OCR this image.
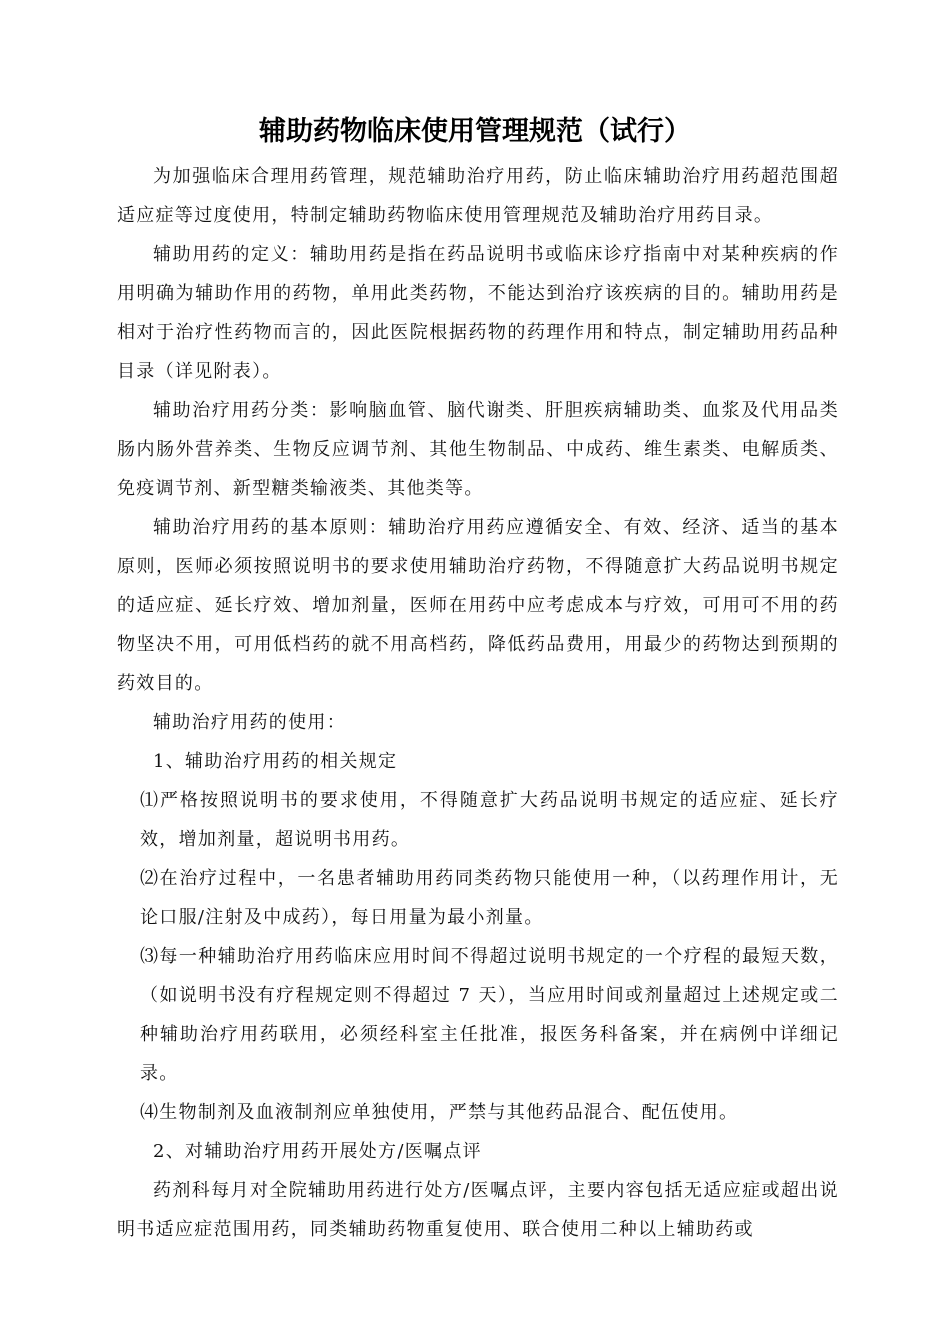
辅助药物临床使用管理规范（试行）

为加强临床合理用药管理，规范辅助治疗用药，防止临床辅助治疗用药超范围超适应症等过度使用，特制定辅助药物临床使用管理规范及辅助治疗用药目录。

辅助用药的定义：辅助用药是指在药品说明书或临床诊疗指南中对某种疾病的作用明确为辅助作用的药物，单用此类药物，不能达到治疗该疾病的目的。辅助用药是相对于治疗性药物而言的，因此医院根据药物的药理作用和特点，制定辅助用药品种目录（详见附表）。

辅助治疗用药分类：影响脑血管、脑代谢类、肝胆疾病辅助类、血浆及代用品类肠内肠外营养类、生物反应调节剂、其他生物制品、中成药、维生素类、电解质类、免疫调节剂、新型糖类输液类、其他类等。

辅助治疗用药的基本原则：辅助治疗用药应遵循安全、有效、经济、适当的基本原则，医师必须按照说明书的要求使用辅助治疗药物，不得随意扩大药品说明书规定的适应症、延长疗效、增加剂量，医师在用药中应考虑成本与疗效，可用可不用的药物坚决不用，可用低档药的就不用高档药，降低药品费用，用最少的药物达到预期的药效目的。

辅助治疗用药的使用：

1、辅助治疗用药的相关规定

⑴严格按照说明书的要求使用，不得随意扩大药品说明书规定的适应症、延长疗效，增加剂量，超说明书用药。

⑵在治疗过程中，一名患者辅助用药同类药物只能使用一种，（以药理作用计，无论口服/注射及中成药），每日用量为最小剂量。

⑶每一种辅助治疗用药临床应用时间不得超过说明书规定的一个疗程的最短天数，（如说明书没有疗程规定则不得超过 7 天），当应用时间或剂量超过上述规定或二种辅助治疗用药联用，必须经科室主任批准，报医务科备案，并在病例中详细记录。

⑷生物制剂及血液制剂应单独使用，严禁与其他药品混合、配伍使用。

2、对辅助治疗用药开展处方/医嘱点评

药剂科每月对全院辅助用药进行处方/医嘱点评，主要内容包括无适应症或超出说明书适应症范围用药，同类辅助药物重复使用、联合使用二种以上辅助药或
